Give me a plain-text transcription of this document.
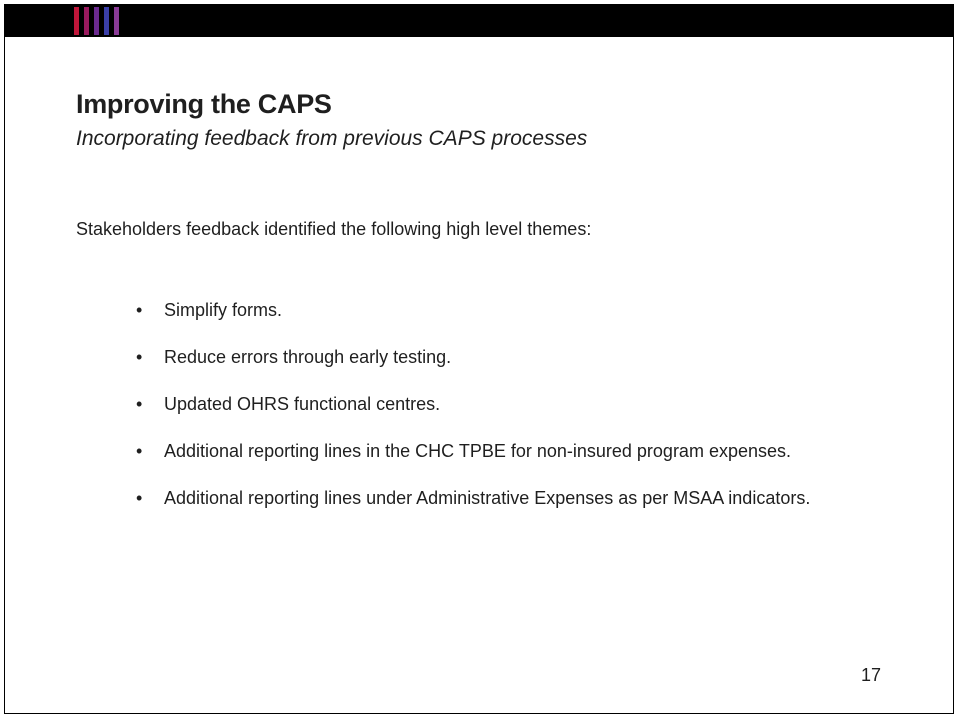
Improving the CAPS
Incorporating feedback from previous CAPS processes
Stakeholders feedback identified the following high level themes:
• Simplify forms.
• Reduce errors through early testing.
• Updated OHRS functional centres.
• Additional reporting lines in the CHC TPBE for non-insured program expenses.
• Additional reporting lines under Administrative Expenses as per MSAA indicators.
17
